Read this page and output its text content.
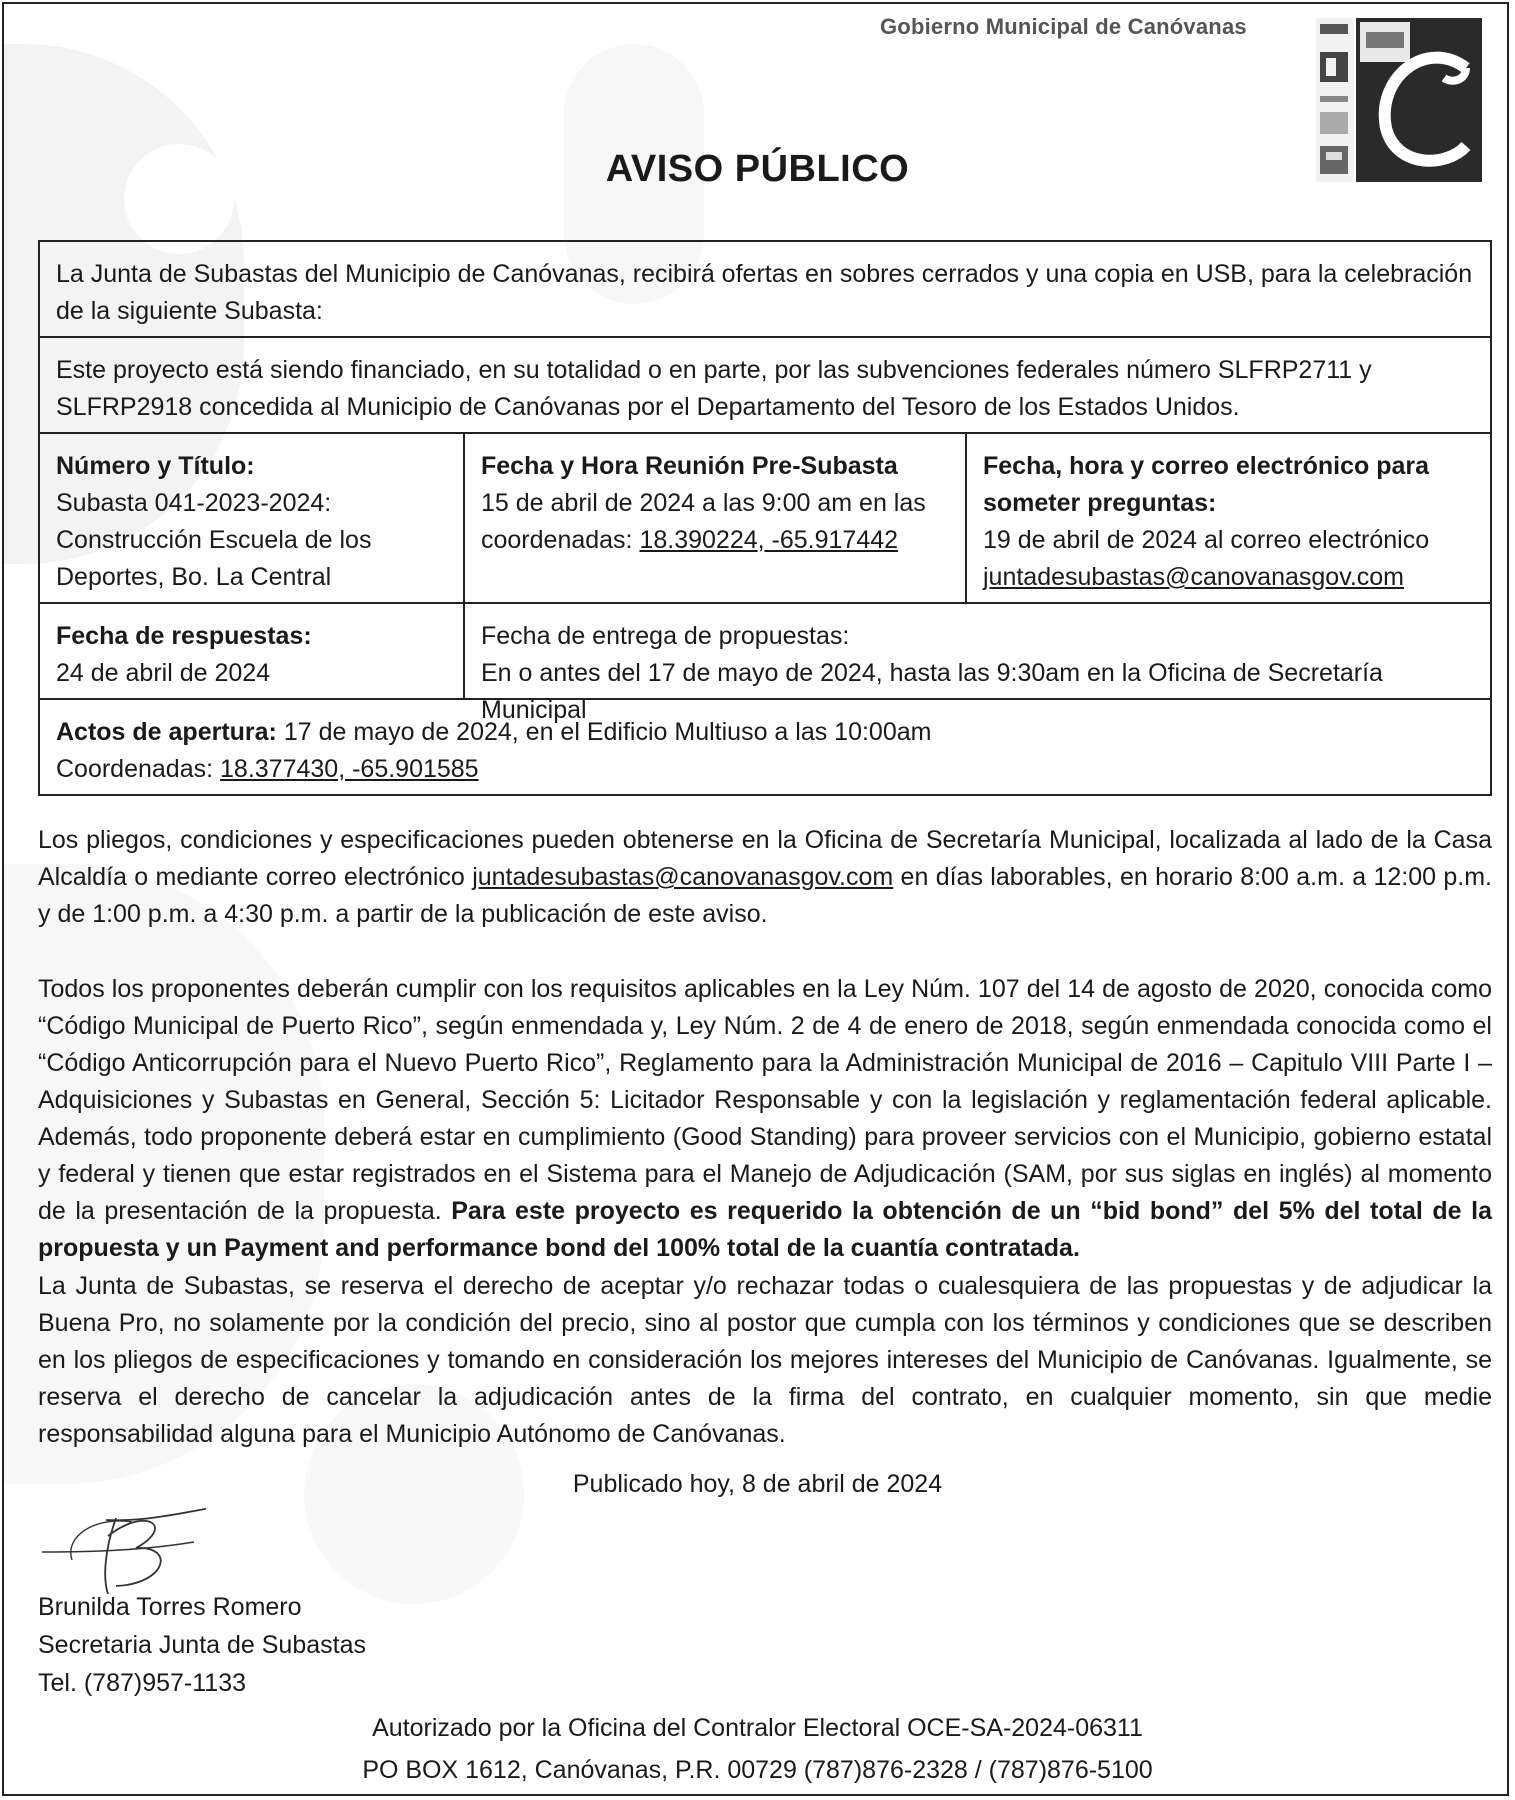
Gobierno Municipal de Canóvanas
AVISO PÚBLICO
La Junta de Subastas del Municipio de Canóvanas, recibirá ofertas en sobres cerrados y una copia en USB, para la celebración de la siguiente Subasta:
Este proyecto está siendo financiado, en su totalidad o en parte, por las subvenciones federales número SLFRP2711 y SLFRP2918 concedida al Municipio de Canóvanas por el Departamento del Tesoro de los Estados Unidos.
Número y Título:
Subasta 041-2023-2024: Construcción Escuela de los Deportes, Bo. La Central
Fecha y Hora Reunión Pre-Subasta
15 de abril de 2024 a las 9:00 am en las coordenadas: 18.390224, -65.917442
Fecha, hora y correo electrónico para someter preguntas:
19 de abril de 2024 al correo electrónico
juntadesubastas@canovanasgov.com
Fecha de respuestas:
24 de abril de 2024
Fecha de entrega de propuestas:
En o antes del 17 de mayo de 2024, hasta las 9:30am en la Oficina de Secretaría Municipal
Actos de apertura: 17 de mayo de 2024, en el Edificio Multiuso a las 10:00am
Coordenadas: 18.377430, -65.901585

Los pliegos, condiciones y especificaciones pueden obtenerse en la Oficina de Secretaría Municipal, localizada al lado de la Casa Alcaldía o mediante correo electrónico juntadesubastas@canovanasgov.com en días laborables, en horario 8:00 a.m. a 12:00 p.m. y de 1:00 p.m. a 4:30 p.m. a partir de la publicación de este aviso.

Todos los proponentes deberán cumplir con los requisitos aplicables en la Ley Núm. 107 del 14 de agosto de 2020, conocida como “Código Municipal de Puerto Rico”, según enmendada y, Ley Núm. 2 de 4 de enero de 2018, según enmendada conocida como el “Código Anticorrupción para el Nuevo Puerto Rico”, Reglamento para la Administración Municipal de 2016 – Capitulo VIII Parte I – Adquisiciones y Subastas en General, Sección 5: Licitador Responsable y con la legislación y reglamentación federal aplicable. Además, todo proponente deberá estar en cumplimiento (Good Standing) para proveer servicios con el Municipio, gobierno estatal y federal y tienen que estar registrados en el Sistema para el Manejo de Adjudicación (SAM, por sus siglas en inglés) al momento de la presentación de la propuesta. Para este proyecto es requerido la obtención de un “bid bond” del 5% del total de la propuesta y un Payment and performance bond del 100% total de la cuantía contratada.

La Junta de Subastas, se reserva el derecho de aceptar y/o rechazar todas o cualesquiera de las propuestas y de adjudicar la Buena Pro, no solamente por la condición del precio, sino al postor que cumpla con los términos y condiciones que se describen en los pliegos de especificaciones y tomando en consideración los mejores intereses del Municipio de Canóvanas. Igualmente, se reserva el derecho de cancelar la adjudicación antes de la firma del contrato, en cualquier momento, sin que medie responsabilidad alguna para el Municipio Autónomo de Canóvanas.

Publicado hoy, 8 de abril de 2024
Brunilda Torres Romero
Secretaria Junta de Subastas
Tel. (787)957-1133
Autorizado por la Oficina del Contralor Electoral OCE-SA-2024-06311
PO BOX 1612, Canóvanas, P.R. 00729 (787)876-2328 / (787)876-5100
